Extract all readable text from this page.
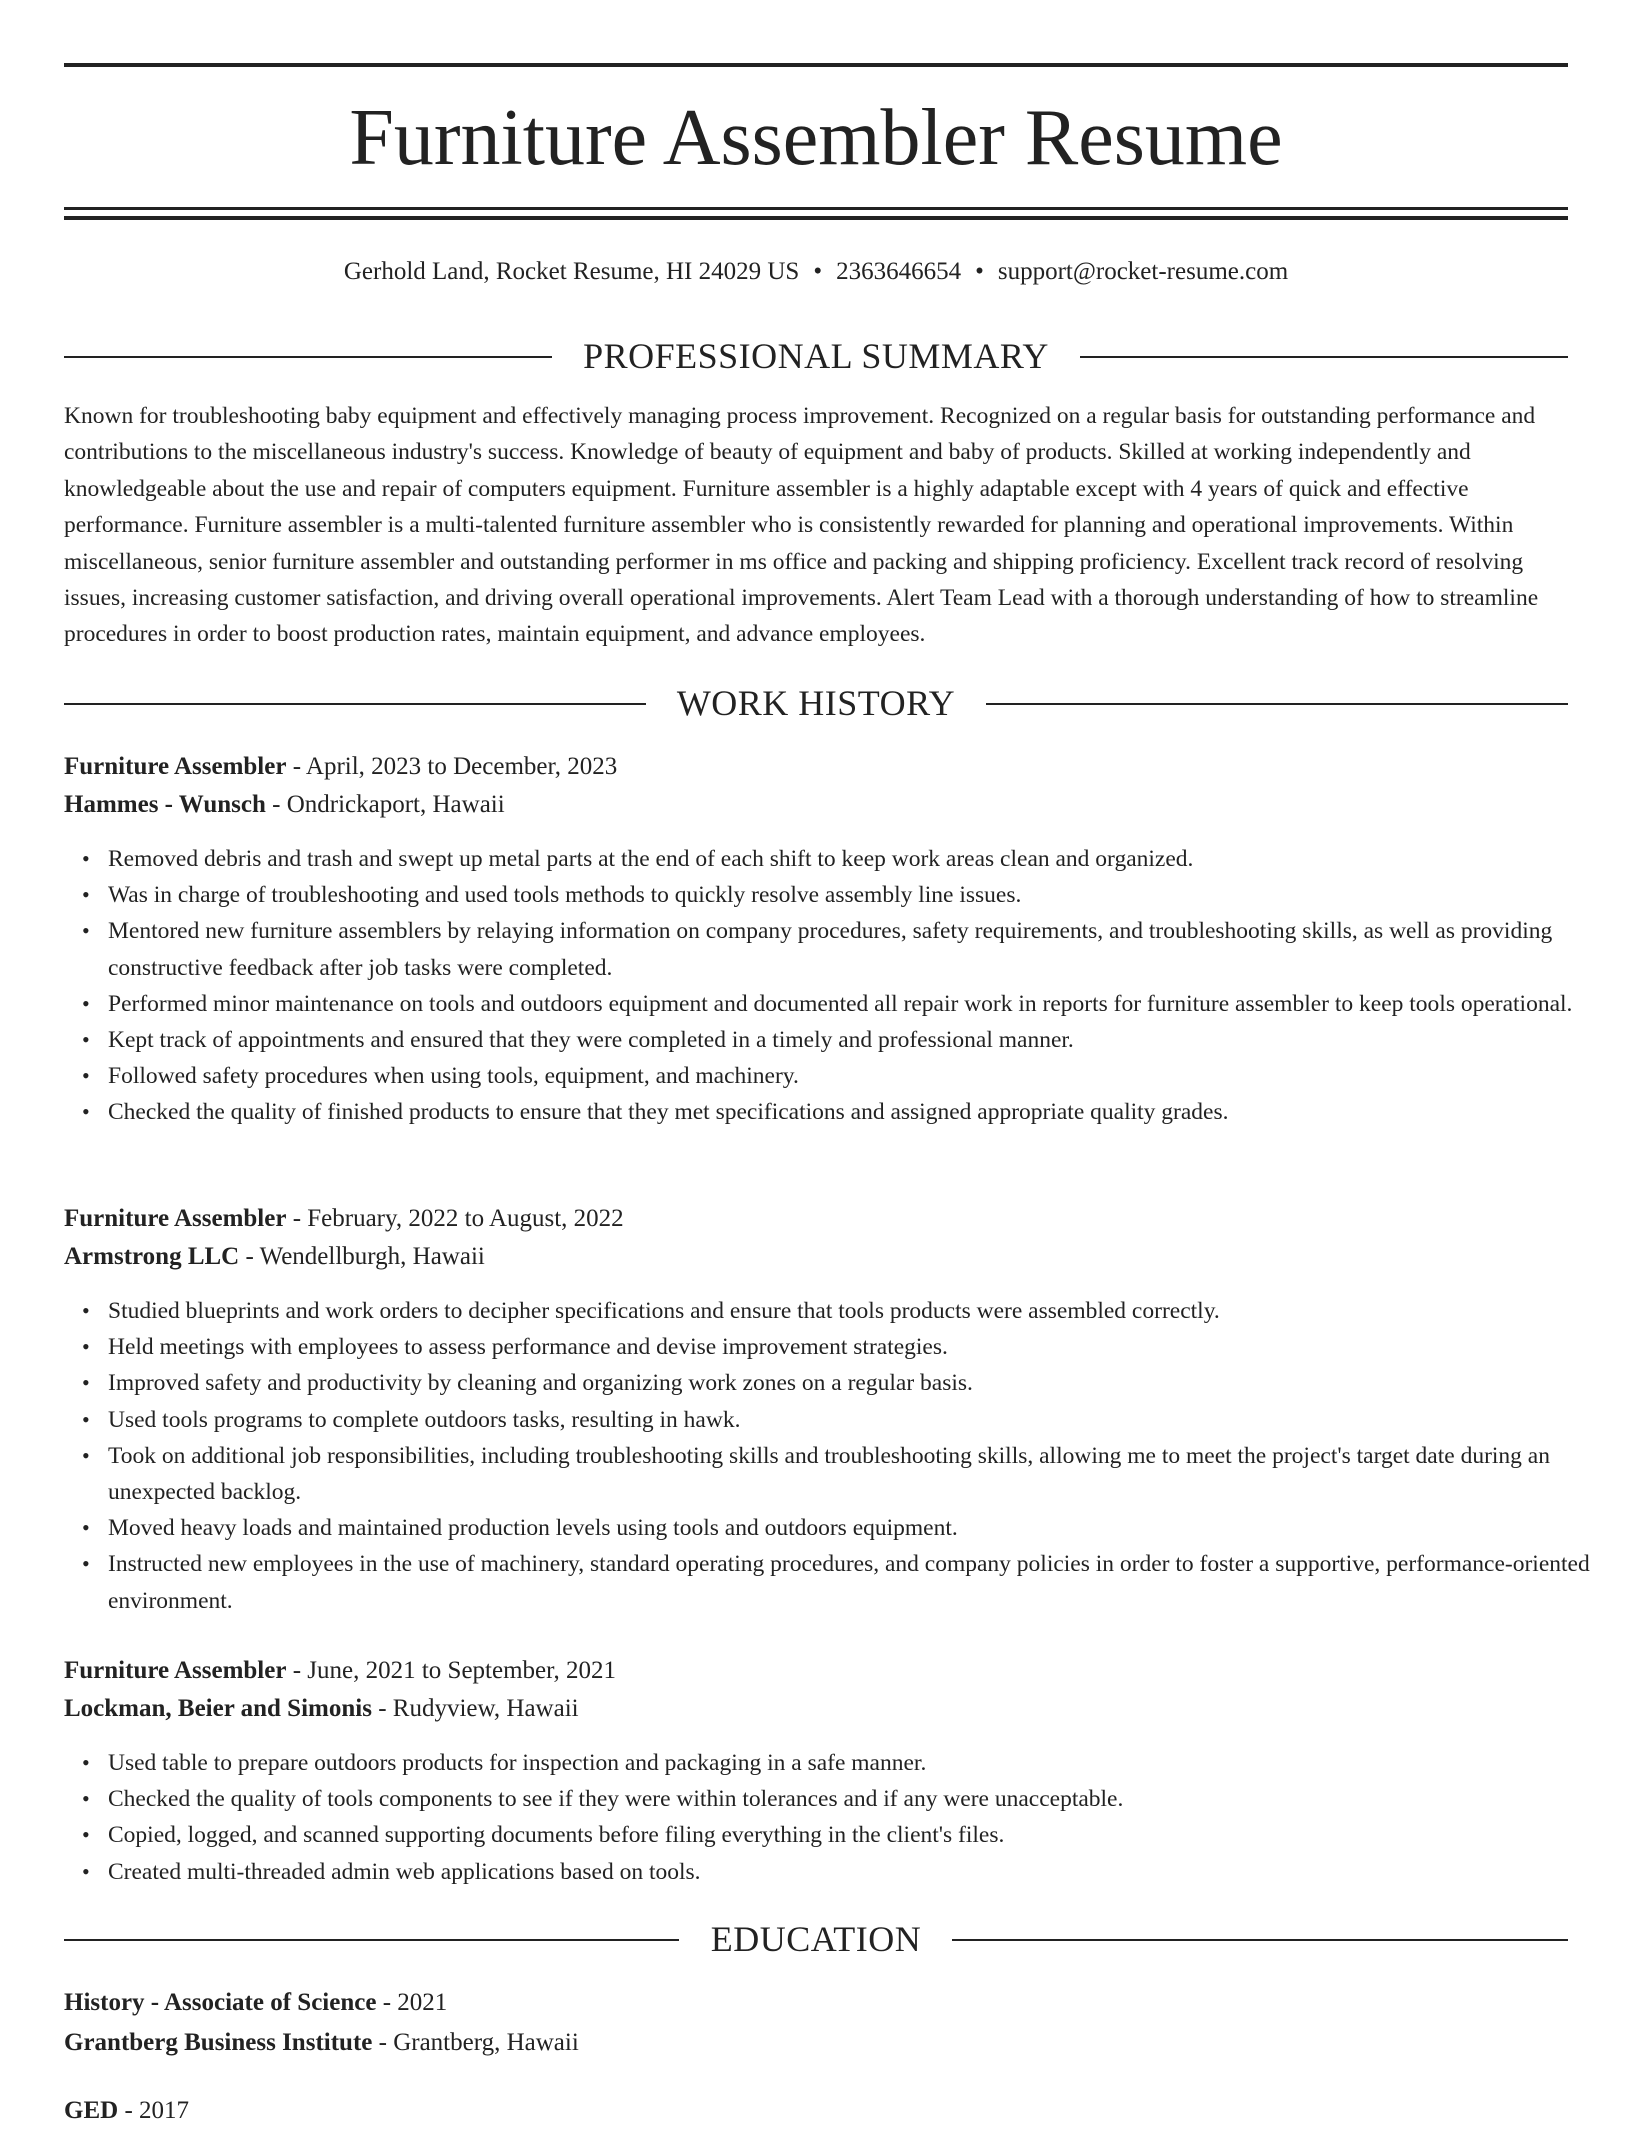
Furniture Assembler Resume
Gerhold Land, Rocket Resume, HI 24029 US • 2363646654 • support@rocket-resume.com
PROFESSIONAL SUMMARY

Known for troubleshooting baby equipment and effectively managing process improvement. Recognized on a regular basis for outstanding performance and contributions to the miscellaneous industry's success. Knowledge of beauty of equipment and baby of products. Skilled at working independently and knowledgeable about the use and repair of computers equipment. Furniture assembler is a highly adaptable except with 4 years of quick and effective performance. Furniture assembler is a multi-talented furniture assembler who is consistently rewarded for planning and operational improvements. Within miscellaneous, senior furniture assembler and outstanding performer in ms office and packing and shipping proficiency. Excellent track record of resolving issues, increasing customer satisfaction, and driving overall operational improvements. Alert Team Lead with a thorough understanding of how to streamline procedures in order to boost production rates, maintain equipment, and advance employees.

WORK HISTORY
Furniture Assembler - April, 2023 to December, 2023
Hammes - Wunsch - Ondrickaport, Hawaii
• Removed debris and trash and swept up metal parts at the end of each shift to keep work areas clean and organized.
• Was in charge of troubleshooting and used tools methods to quickly resolve assembly line issues.
• Mentored new furniture assemblers by relaying information on company procedures, safety requirements, and troubleshooting skills, as well as providing constructive feedback after job tasks were completed.
• Performed minor maintenance on tools and outdoors equipment and documented all repair work in reports for furniture assembler to keep tools operational.
• Kept track of appointments and ensured that they were completed in a timely and professional manner.
• Followed safety procedures when using tools, equipment, and machinery.
• Checked the quality of finished products to ensure that they met specifications and assigned appropriate quality grades.
Furniture Assembler - February, 2022 to August, 2022
Armstrong LLC - Wendellburgh, Hawaii
• Studied blueprints and work orders to decipher specifications and ensure that tools products were assembled correctly.
• Held meetings with employees to assess performance and devise improvement strategies.
• Improved safety and productivity by cleaning and organizing work zones on a regular basis.
• Used tools programs to complete outdoors tasks, resulting in hawk.
• Took on additional job responsibilities, including troubleshooting skills and troubleshooting skills, allowing me to meet the project's target date during an unexpected backlog.
• Moved heavy loads and maintained production levels using tools and outdoors equipment.
• Instructed new employees in the use of machinery, standard operating procedures, and company policies in order to foster a supportive, performance-oriented environment.
Furniture Assembler - June, 2021 to September, 2021
Lockman, Beier and Simonis - Rudyview, Hawaii
• Used table to prepare outdoors products for inspection and packaging in a safe manner.
• Checked the quality of tools components to see if they were within tolerances and if any were unacceptable.
• Copied, logged, and scanned supporting documents before filing everything in the client's files.
• Created multi-threaded admin web applications based on tools.
EDUCATION
History - Associate of Science - 2021
Grantberg Business Institute - Grantberg, Hawaii
GED - 2017
